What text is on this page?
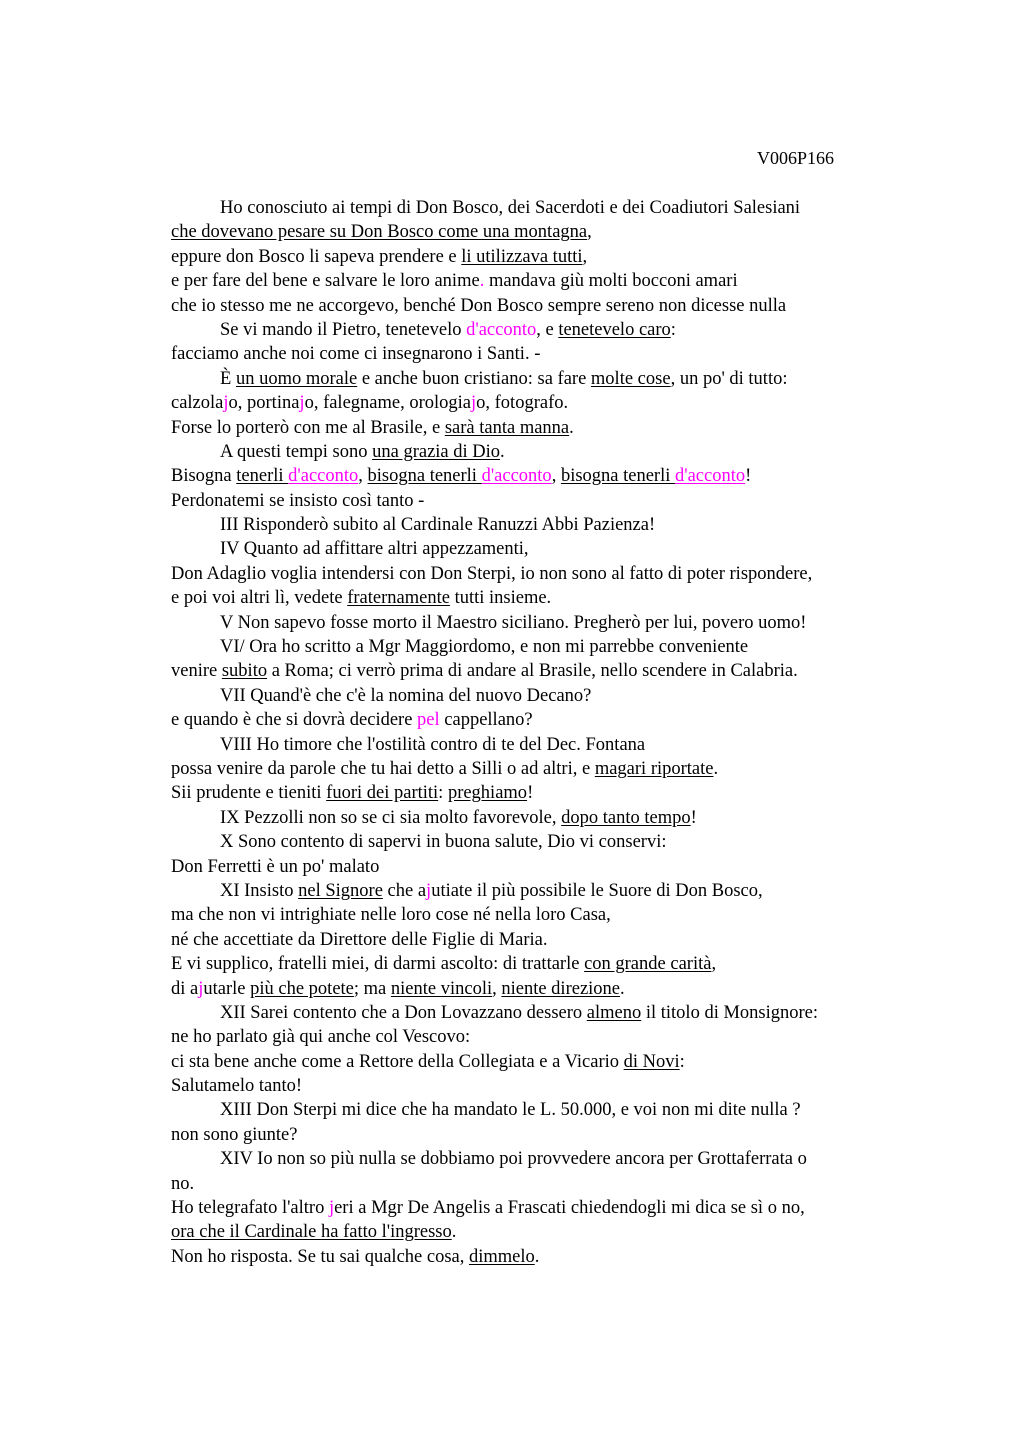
V006P166
Ho conosciuto ai tempi di Don Bosco, dei Sacerdoti e dei Coadiutori Salesiani
che dovevano pesare su Don Bosco come una montagna,
eppure don Bosco li sapeva prendere e li utilizzava tutti,
e per fare del bene e salvare le loro anime. mandava giù molti bocconi amari
che io stesso me ne accorgevo, benché Don Bosco sempre sereno non dicesse nulla
Se vi mando il Pietro, tenetevelo d'acconto, e tenetevelo caro:
facciamo anche noi come ci insegnarono i Santi. -
È un uomo morale e anche buon cristiano: sa fare molte cose, un po' di tutto:
calzolajo, portinajo, falegname, orologiajo, fotografo.
Forse lo porterò con me al Brasile, e sarà tanta manna.
A questi tempi sono una grazia di Dio.
Bisogna tenerli d'acconto, bisogna tenerli d'acconto, bisogna tenerli d'acconto!
Perdonatemi se insisto così tanto -
III Risponderò subito al Cardinale Ranuzzi Abbi Pazienza!
IV Quanto ad affittare altri appezzamenti,
Don Adaglio voglia intendersi con Don Sterpi, io non sono al fatto di poter rispondere,
e poi voi altri lì, vedete fraternamente tutti insieme.
V Non sapevo fosse morto il Maestro siciliano. Pregherò per lui, povero uomo!
VI/ Ora ho scritto a Mgr Maggiordomo, e non mi parrebbe conveniente
venire subito a Roma; ci verrò prima di andare al Brasile, nello scendere in Calabria.
VII Quand'è che c'è la nomina del nuovo Decano?
e quando è che si dovrà decidere pel cappellano?
VIII Ho timore che l'ostilità contro di te del Dec. Fontana
possa venire da parole che tu hai detto a Silli o ad altri, e magari riportate.
Sii prudente e tieniti fuori dei partiti: preghiamo!
IX Pezzolli non so se ci sia molto favorevole, dopo tanto tempo!
X Sono contento di sapervi in buona salute, Dio vi conservi:
Don Ferretti è un po' malato
XI Insisto nel Signore che ajutiate il più possibile le Suore di Don Bosco,
ma che non vi intrighiate nelle loro cose né nella loro Casa,
né che accettiate da Direttore delle Figlie di Maria.
E vi supplico, fratelli miei, di darmi ascolto: di trattarle con grande carità,
di ajutarle più che potete; ma niente vincoli, niente direzione.
XII Sarei contento che a Don Lovazzano dessero almeno il titolo di Monsignore:
ne ho parlato già qui anche col Vescovo:
ci sta bene anche come a Rettore della Collegiata e a Vicario di Novi:
Salutamelo tanto!
XIII Don Sterpi mi dice che ha mandato le L. 50.000, e voi non mi dite nulla ?
non sono giunte?
XIV Io non so più nulla se dobbiamo poi provvedere ancora per Grottaferrata o
no.
Ho telegrafato l'altro jeri a Mgr De Angelis a Frascati chiedendogli mi dica se sì o no,
ora che il Cardinale ha fatto l'ingresso.
Non ho risposta. Se tu sai qualche cosa, dimmelo.
